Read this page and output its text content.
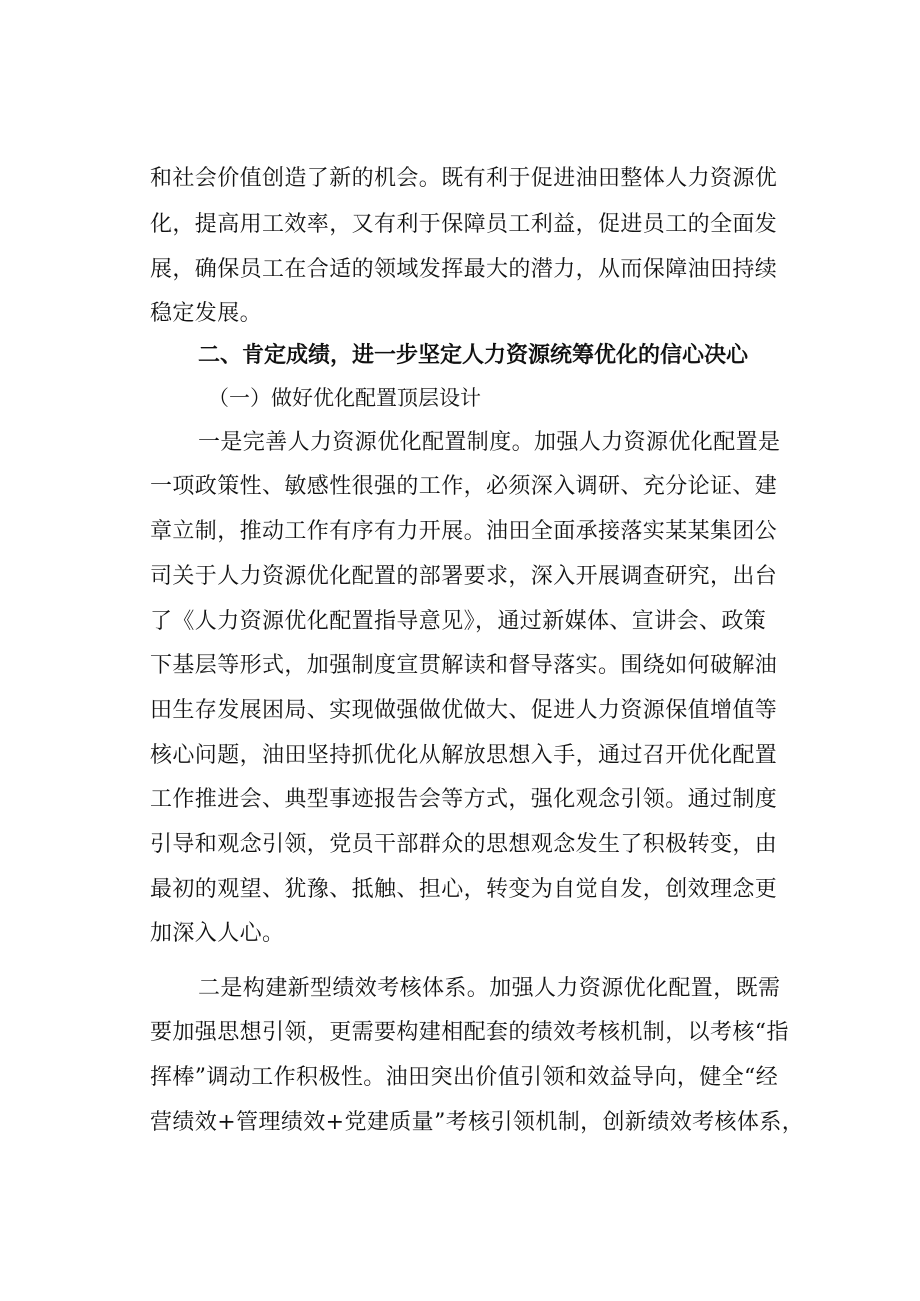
和社会价值创造了新的机会。既有利于促进油田整体人力资源优
化，提高用工效率，又有利于保障员工利益，促进员工的全面发
展，确保员工在合适的领域发挥最大的潜力，从而保障油田持续
稳定发展。
二、肯定成绩，进一步坚定人力资源统筹优化的信心决心
（一）做好优化配置顶层设计
一是完善人力资源优化配置制度。加强人力资源优化配置是
一项政策性、敏感性很强的工作，必须深入调研、充分论证、建
章立制，推动工作有序有力开展。油田全面承接落实某某集团公
司关于人力资源优化配置的部署要求，深入开展调查研究，出台
了《人力资源优化配置指导意见》，通过新媒体、宣讲会、政策
下基层等形式，加强制度宣贯解读和督导落实。围绕如何破解油
田生存发展困局、实现做强做优做大、促进人力资源保值增值等
核心问题，油田坚持抓优化从解放思想入手，通过召开优化配置
工作推进会、典型事迹报告会等方式，强化观念引领。通过制度
引导和观念引领，党员干部群众的思想观念发生了积极转变，由
最初的观望、犹豫、抵触、担心，转变为自觉自发，创效理念更
加深入人心。
二是构建新型绩效考核体系。加强人力资源优化配置，既需
要加强思想引领，更需要构建相配套的绩效考核机制，以考核“指
挥棒”调动工作积极性。油田突出价值引领和效益导向，健全“经
营绩效+管理绩效+党建质量”考核引领机制，创新绩效考核体系，
